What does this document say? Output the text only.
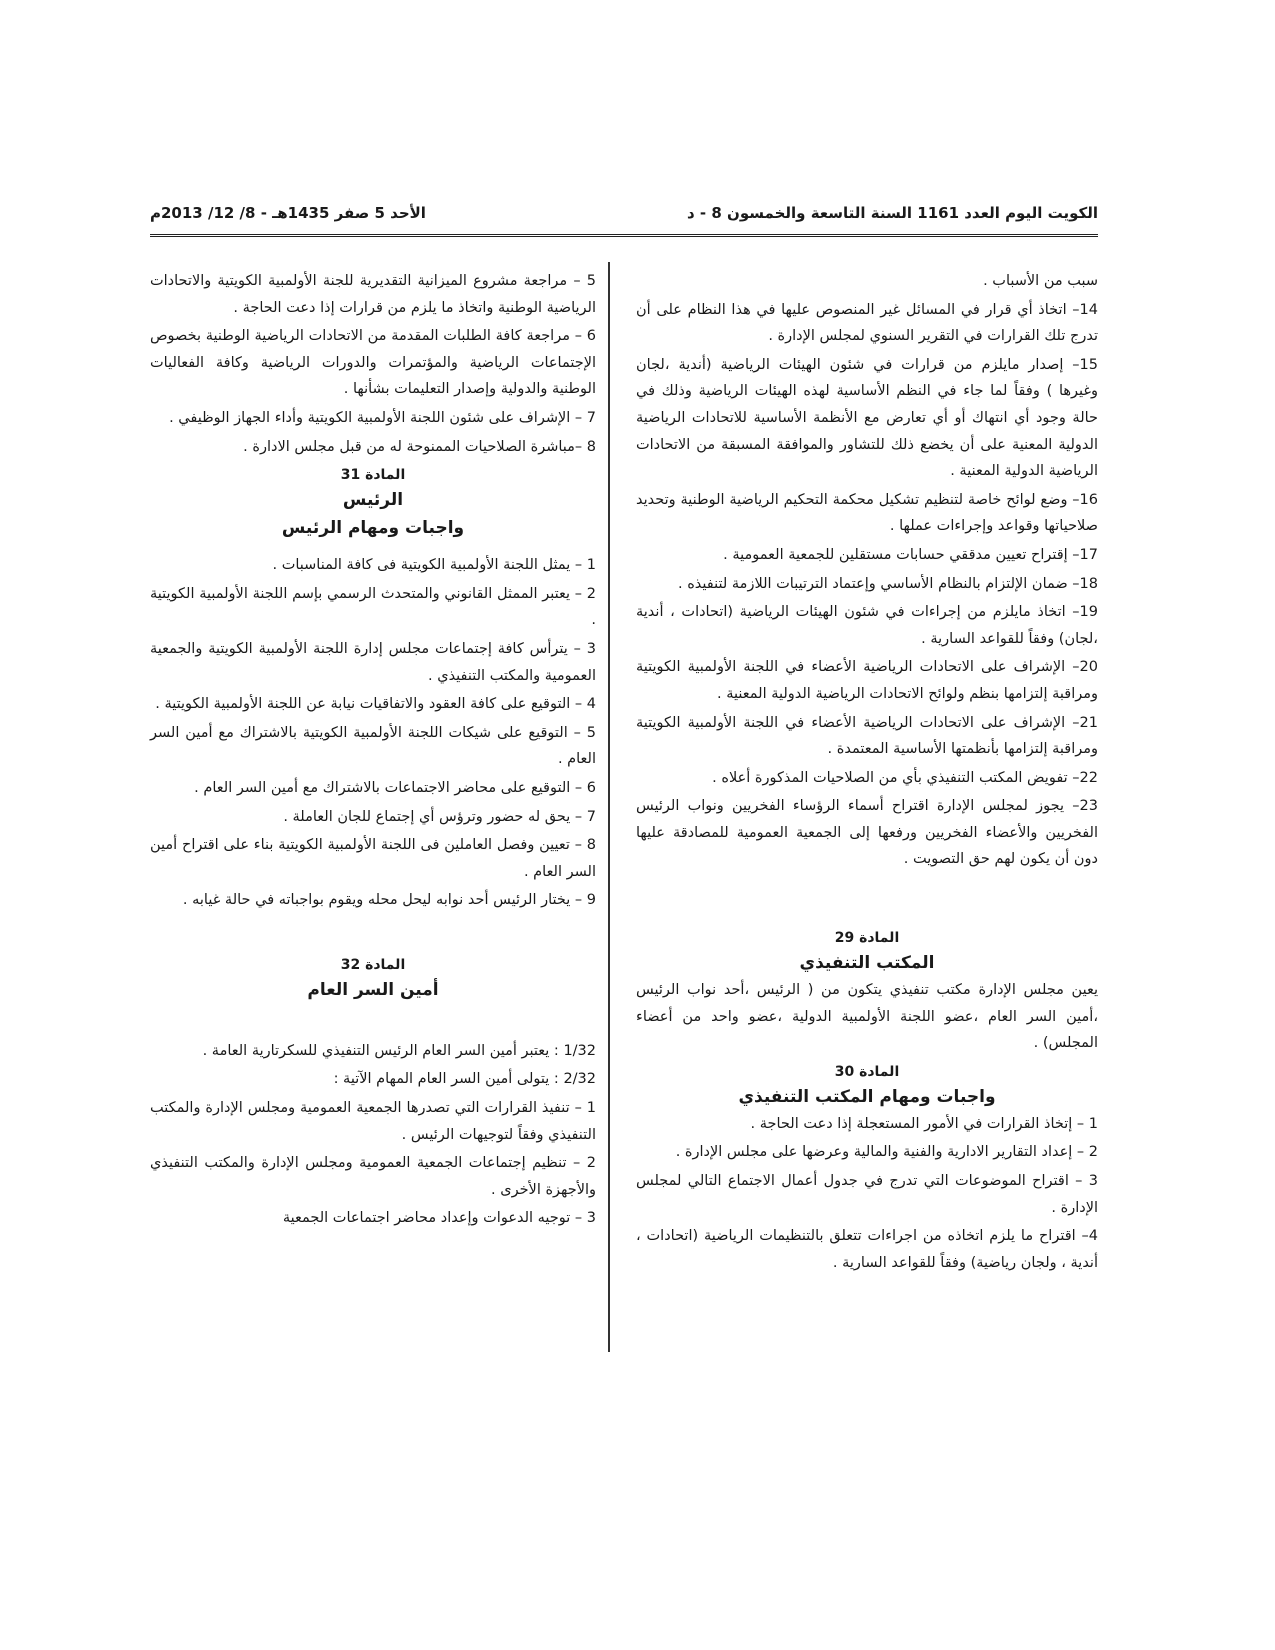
الكويت اليوم العدد 1161 السنة التاسعة والخمسون 8 - د
الأحد 5 صفر 1435هـ - 8/ 12/ 2013م

سبب من الأسباب .

14– اتخاذ أي قرار في المسائل غير المنصوص عليها في هذا النظام على أن تدرج تلك القرارات في التقرير السنوي لمجلس الإدارة .

15– إصدار مايلزم من قرارات في شئون الهيئات الرياضية (أندية ،لجان وغيرها ) وفقاً لما جاء في النظم الأساسية لهذه الهيئات الرياضية وذلك في حالة وجود أي انتهاك أو أي تعارض مع الأنظمة الأساسية للاتحادات الرياضية الدولية المعنية على أن يخضع ذلك للتشاور والموافقة المسبقة من الاتحادات الرياضية الدولية المعنية .

16– وضع لوائح خاصة لتنظيم تشكيل محكمة التحكيم الرياضية الوطنية وتحديد صلاحياتها وقواعد وإجراءات عملها .

17– إقتراح تعيين مدققي حسابات مستقلين للجمعية العمومية .

18– ضمان الإلتزام بالنظام الأساسي وإعتماد الترتيبات اللازمة لتنفيذه .

19– اتخاذ مايلزم من إجراءات في شئون الهيئات الرياضية (اتحادات ، أندية ،لجان) وفقاً للقواعد السارية .

20– الإشراف على الاتحادات الرياضية الأعضاء في اللجنة الأولمبية الكويتية ومراقبة إلتزامها بنظم ولوائح الاتحادات الرياضية الدولية المعنية .

21– الإشراف على الاتحادات الرياضية الأعضاء في اللجنة الأولمبية الكويتية ومراقبة إلتزامها بأنظمتها الأساسية المعتمدة .

22– تفويض المكتب التنفيذي بأي من الصلاحيات المذكورة أعلاه .

23– يجوز لمجلس الإدارة اقتراح أسماء الرؤساء الفخريين ونواب الرئيس الفخريين والأعضاء الفخريين ورفعها إلى الجمعية العمومية للمصادقة عليها دون أن يكون لهم حق التصويت .

المادة 29

المكتب التنفيذي

يعين مجلس الإدارة مكتب تنفيذي يتكون من ( الرئيس ،أحد نواب الرئيس ،أمين السر العام ،عضو اللجنة الأولمبية الدولية ،عضو واحد من أعضاء المجلس) .

المادة 30

واجبات ومهام المكتب التنفيذي

1 – إتخاذ القرارات في الأمور المستعجلة إذا دعت الحاجة .

2 – إعداد التقارير الادارية والفنية والمالية وعرضها على مجلس الإدارة .

3 – اقتراح الموضوعات التي تدرج في جدول أعمال الاجتماع التالي لمجلس الإدارة .

4– اقتراح ما يلزم اتخاذه من اجراءات تتعلق بالتنظيمات الرياضية (اتحادات ، أندية ، ولجان رياضية) وفقاً للقواعد السارية .

5 – مراجعة مشروع الميزانية التقديرية للجنة الأولمبية الكويتية والاتحادات الرياضية الوطنية واتخاذ ما يلزم من قرارات إذا دعت الحاجة .

6 – مراجعة كافة الطلبات المقدمة من الاتحادات الرياضية الوطنية بخصوص الإجتماعات الرياضية والمؤتمرات والدورات الرياضية وكافة الفعاليات الوطنية والدولية وإصدار التعليمات بشأنها .

7 – الإشراف على شئون اللجنة الأولمبية الكويتية وأداء الجهاز الوظيفي .

8 –مباشرة الصلاحيات الممنوحة له من قبل مجلس الادارة .

المادة 31

الرئيس

واجبات ومهام الرئيس

1 – يمثل اللجنة الأولمبية الكويتية فى كافة المناسبات .

2 – يعتبر الممثل القانوني والمتحدث الرسمي بإسم اللجنة الأولمبية الكويتية .

3 – يترأس كافة إجتماعات مجلس إدارة اللجنة الأولمبية الكويتية والجمعية العمومية والمكتب التنفيذي .

4 – التوقيع على كافة العقود والاتفاقيات نيابة عن اللجنة الأولمبية الكويتية .

5 – التوقيع على شيكات اللجنة الأولمبية الكويتية بالاشتراك مع أمين السر العام .

6 – التوقيع على محاضر الاجتماعات بالاشتراك مع أمين السر العام .

7 – يحق له حضور وترؤس أي إجتماع للجان العاملة .

8 – تعيين وفصل العاملين فى اللجنة الأولمبية الكويتية بناء على اقتراح أمين السر العام .

9 – يختار الرئيس أحد نوابه ليحل محله ويقوم بواجباته في حالة غيابه .

المادة 32

أمين السر العام

1/32 : يعتبر أمين السر العام الرئيس التنفيذي للسكرتارية العامة .

2/32 : يتولى أمين السر العام المهام الآتية :

1 – تنفيذ القرارات التي تصدرها الجمعية العمومية ومجلس الإدارة والمكتب التنفيذي وفقاً لتوجيهات الرئيس .

2 – تنظيم إجتماعات الجمعية العمومية ومجلس الإدارة والمكتب التنفيذي والأجهزة الأخرى .

3 – توجيه الدعوات وإعداد محاضر اجتماعات الجمعية
